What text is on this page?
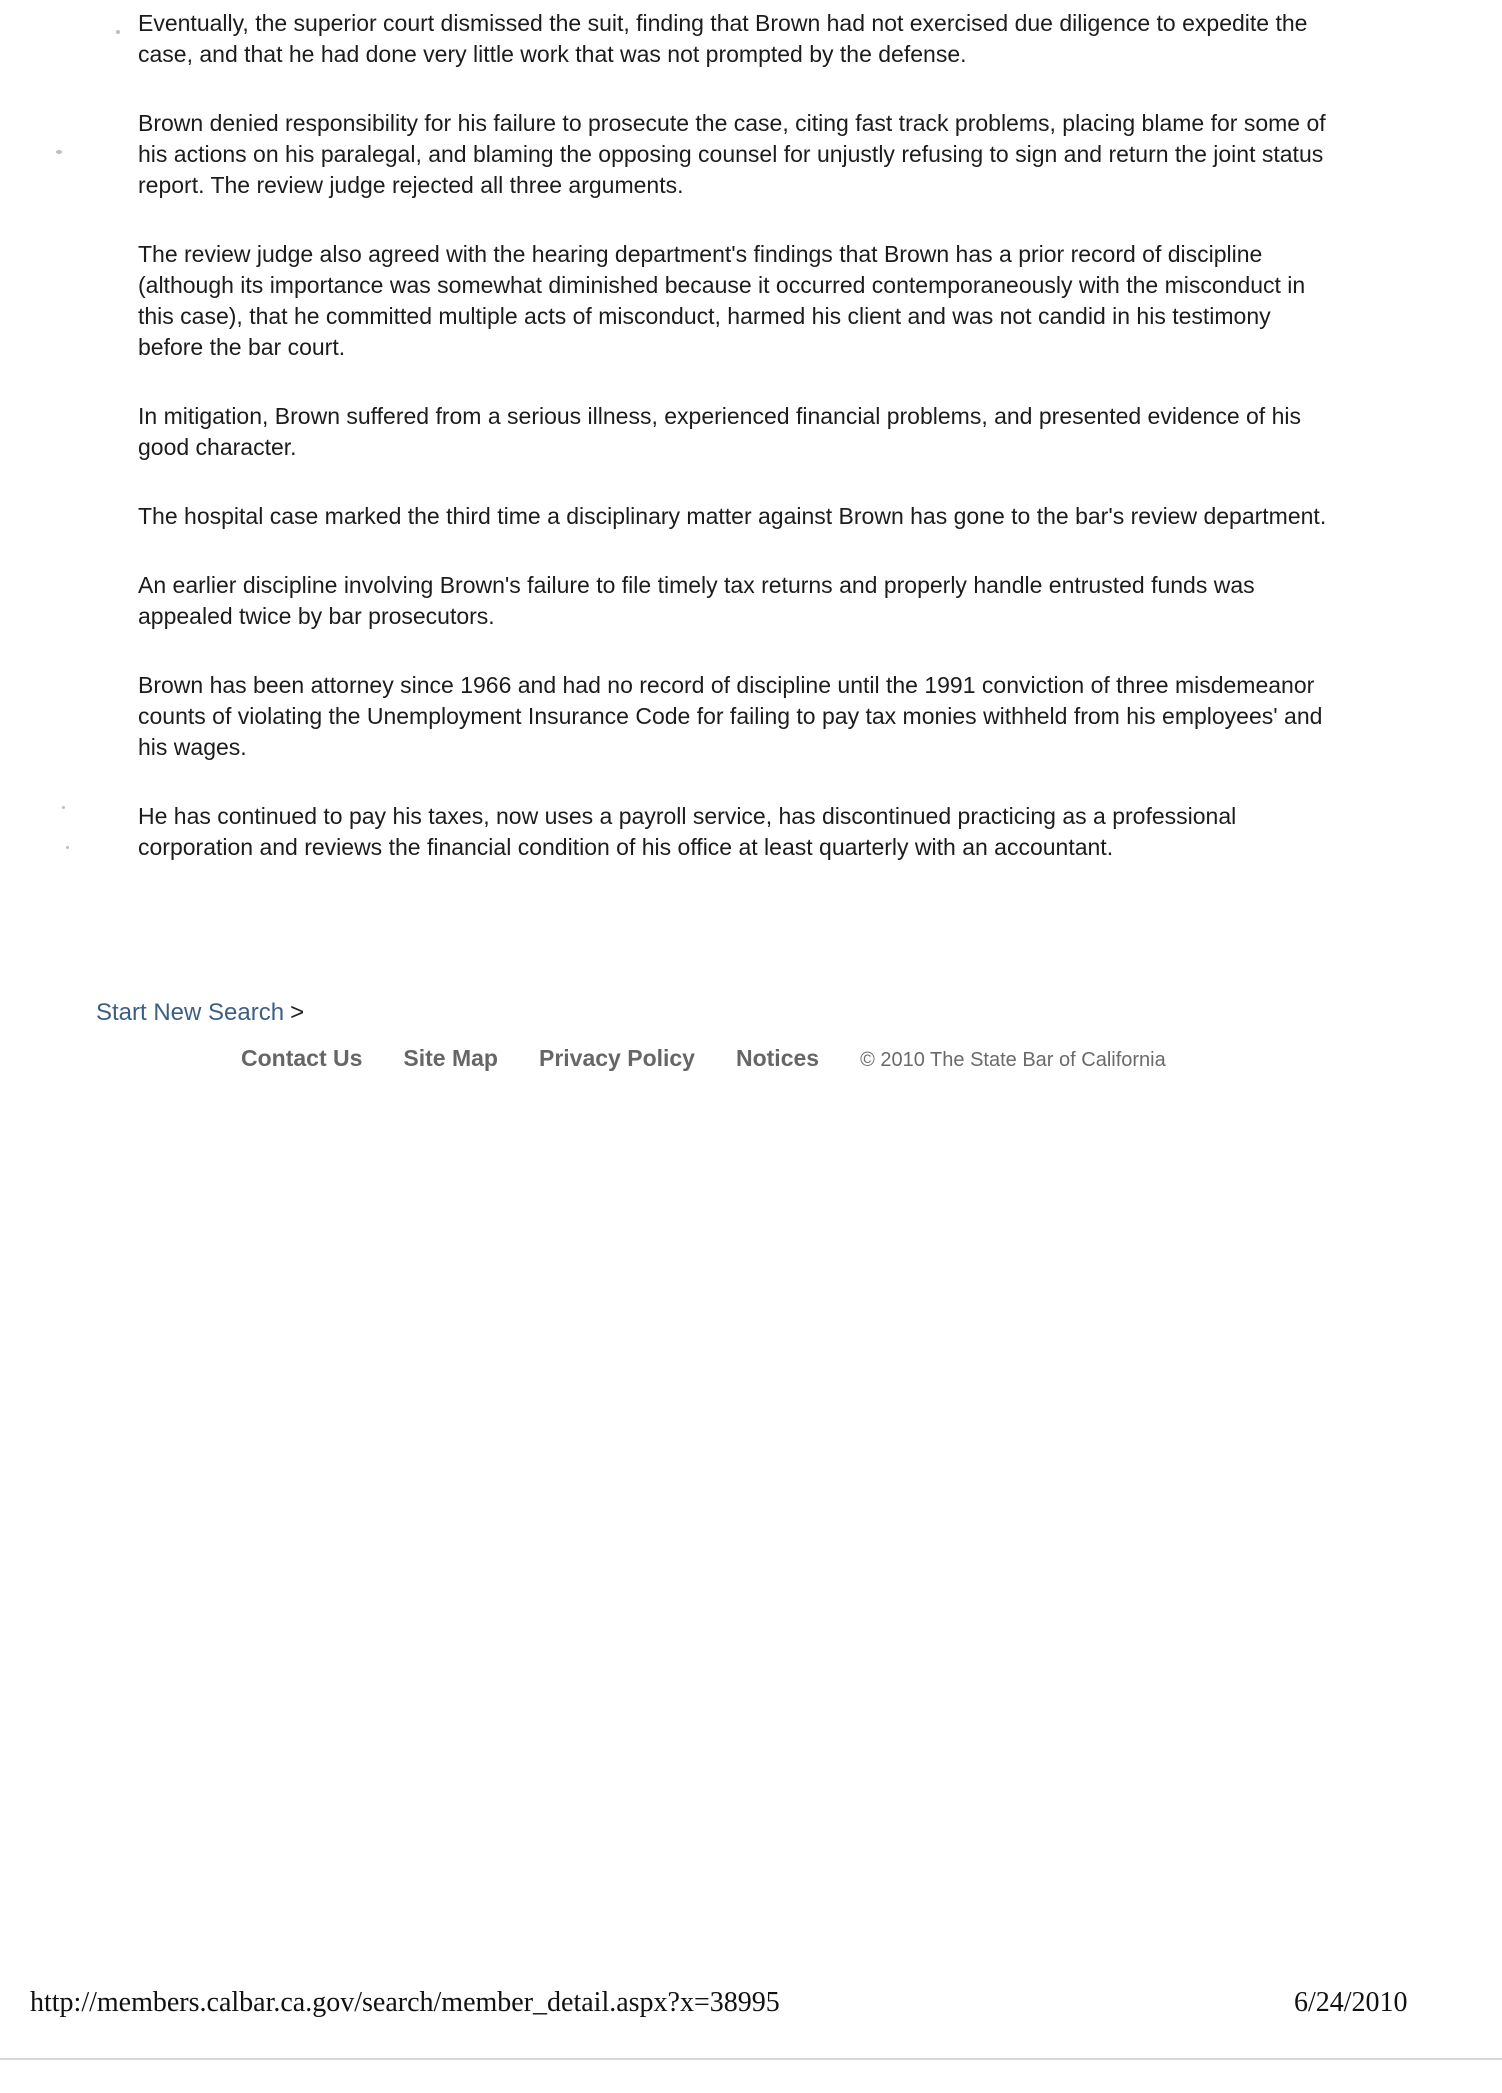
Eventually, the superior court dismissed the suit, finding that Brown had not exercised due diligence to expedite the case, and that he had done very little work that was not prompted by the defense.

Brown denied responsibility for his failure to prosecute the case, citing fast track problems, placing blame for some of his actions on his paralegal, and blaming the opposing counsel for unjustly refusing to sign and return the joint status report. The review judge rejected all three arguments.

The review judge also agreed with the hearing department's findings that Brown has a prior record of discipline (although its importance was somewhat diminished because it occurred contemporaneously with the misconduct in this case), that he committed multiple acts of misconduct, harmed his client and was not candid in his testimony before the bar court.

In mitigation, Brown suffered from a serious illness, experienced financial problems, and presented evidence of his good character.

The hospital case marked the third time a disciplinary matter against Brown has gone to the bar's review department.

An earlier discipline involving Brown's failure to file timely tax returns and properly handle entrusted funds was appealed twice by bar prosecutors.

Brown has been attorney since 1966 and had no record of discipline until the 1991 conviction of three misdemeanor counts of violating the Unemployment Insurance Code for failing to pay tax monies withheld from his employees' and his wages.

He has continued to pay his taxes, now uses a payroll service, has discontinued practicing as a professional corporation and reviews the financial condition of his office at least quarterly with an accountant.

Start New Search >
Contact Us Site Map Privacy Policy Notices © 2010 The State Bar of California
http://members.calbar.ca.gov/search/member_detail.aspx?x=38995	6/24/2010
